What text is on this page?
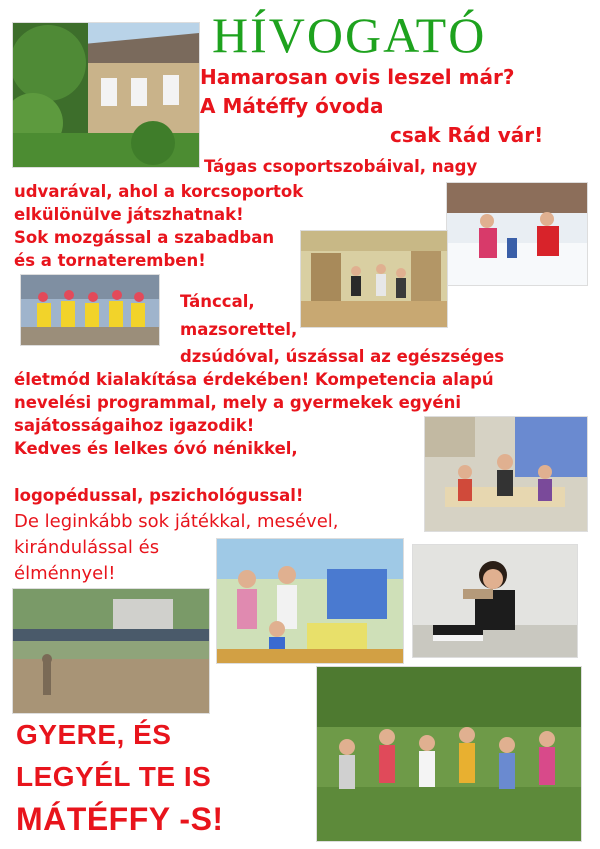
HÍVOGATÓ
Hamarosan ovis leszel már?
A Mátéffy óvoda
csak Rád vár!
Tágas csoportszobáival, nagy
udvarával, ahol a korcsoportok
elkülönülve játszhatnak!
Sok mozgással a szabadban
és a tornateremben!
Tánccal,
mazsorettel,
dzsúdóval, úszással az egészséges
életmód kialakítása érdekében! Kompetencia alapú
nevelési programmal, mely a gyermekek egyéni
sajátosságaihoz igazodik!
Kedves és lelkes óvó nénikkel,
logopédussal, pszichológussal!
De leginkább sok játékkal, mesével,
kirándulással és
élménnyel!
GYERE, ÉS
LEGYÉL TE IS
MÁTÉFFY -S!
